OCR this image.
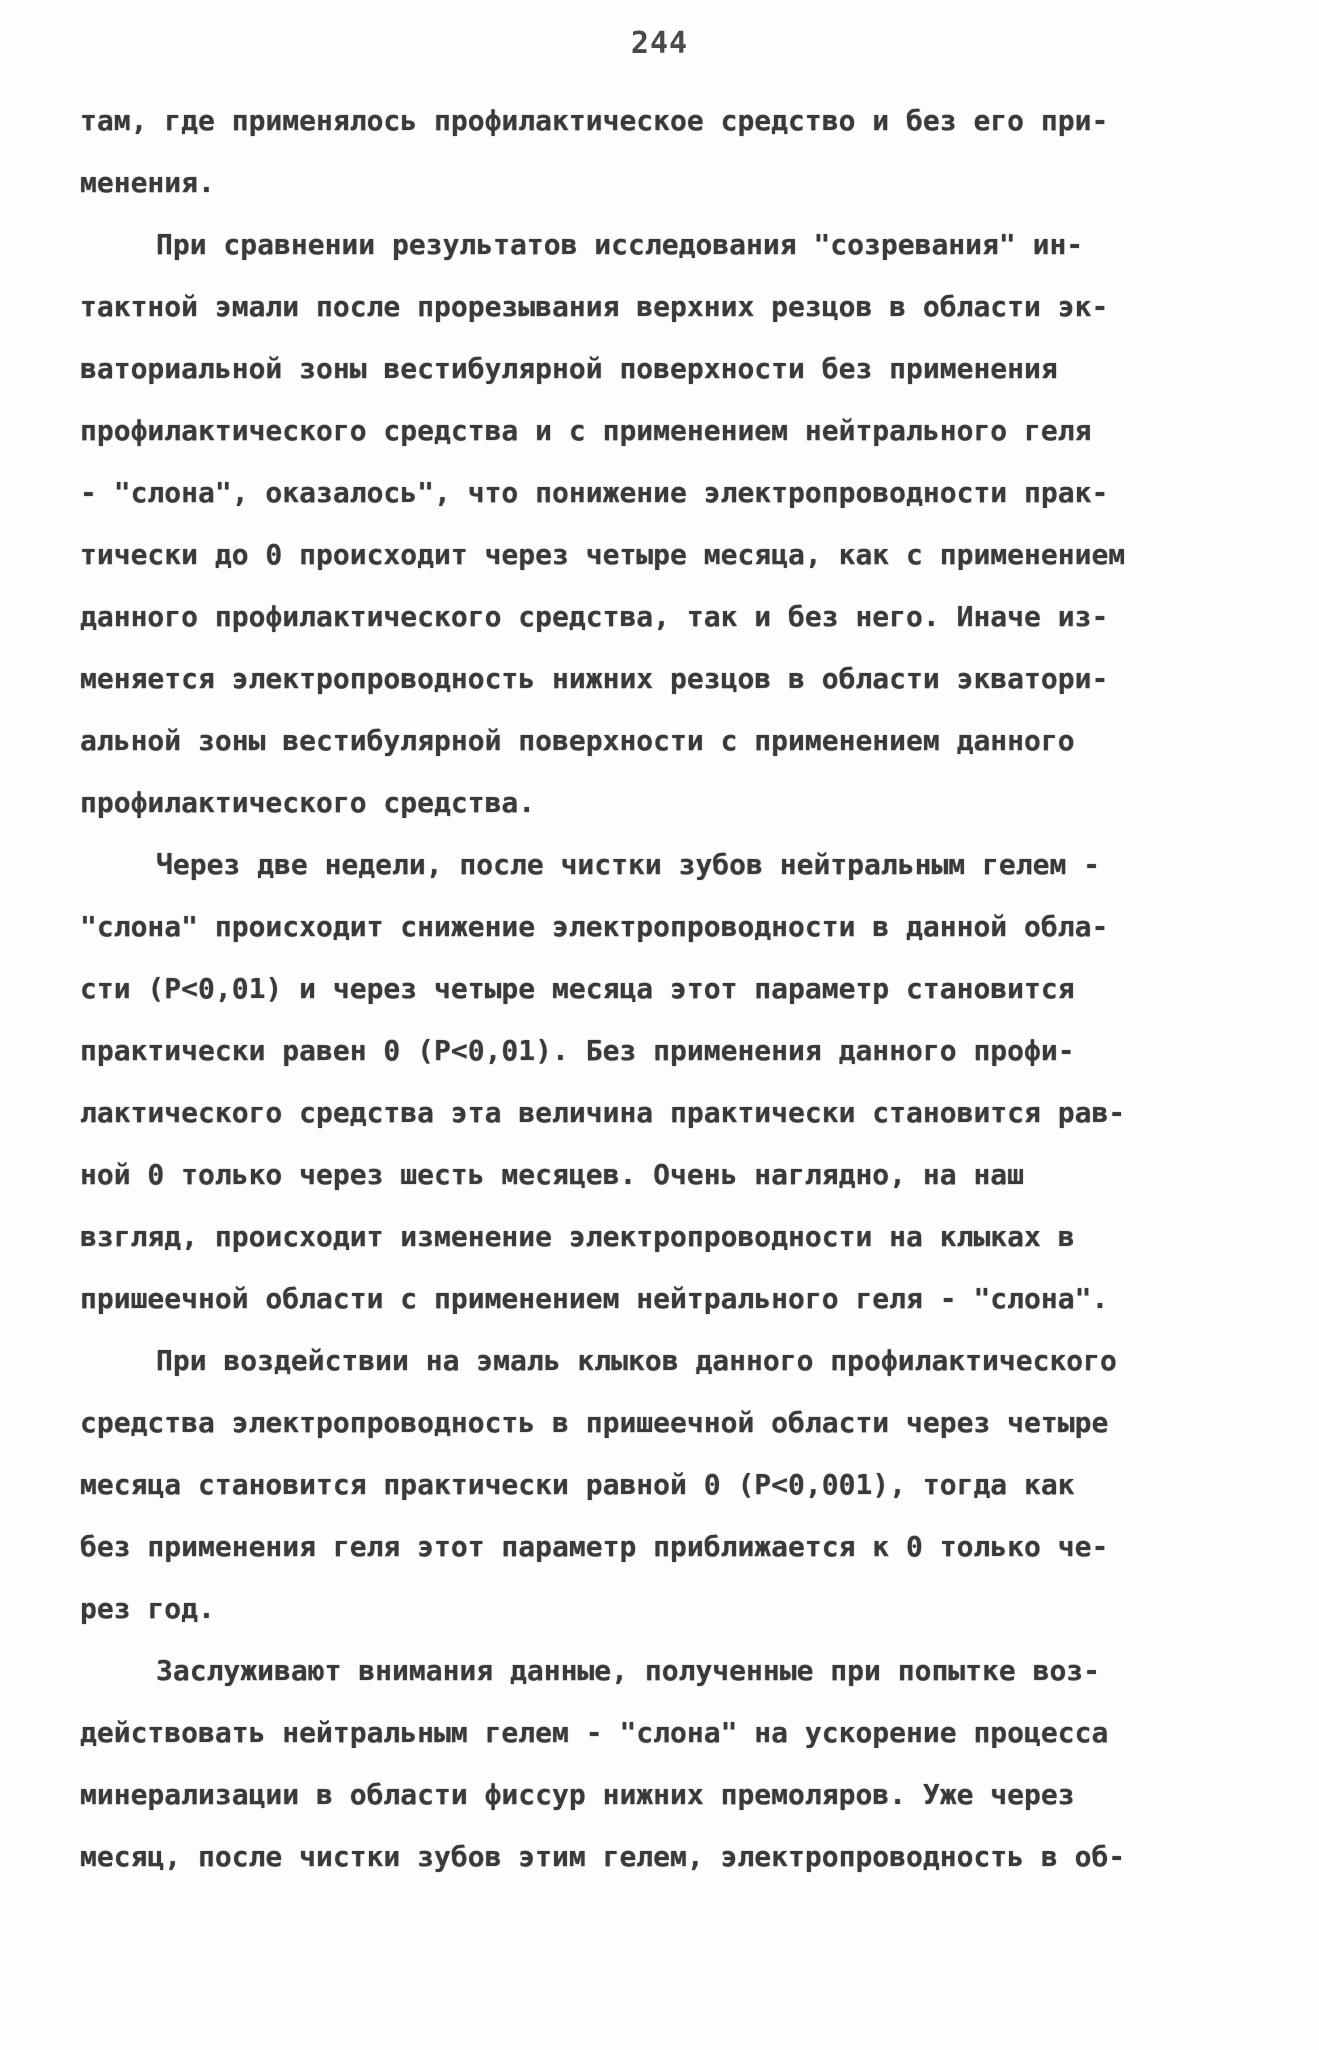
244
там, где применялось профилактическое средство и без его при-
менения.
При сравнении результатов исследования "созревания" ин-
тактной эмали после прорезывания верхних резцов в области эк-
ваториальной зоны вестибулярной поверхности без применения
профилактического средства и с применением нейтрального геля
- "слона", оказалось", что понижение электропроводности прак-
тически до 0 происходит через четыре месяца, как с применением
данного профилактического средства, так и без него. Иначе из-
меняется электропроводность нижних резцов в области экватори-
альной зоны вестибулярной поверхности с применением данного
профилактического средства.
Через две недели, после чистки зубов нейтральным гелем -
"слона" происходит снижение электропроводности в данной обла-
сти (P<0,01) и через четыре месяца этот параметр становится
практически равен 0 (P<0,01). Без применения данного профи-
лактического средства эта величина практически становится рав-
ной 0 только через шесть месяцев. Очень наглядно, на наш
взгляд, происходит изменение электропроводности на клыках в
пришеечной области с применением нейтрального геля - "слона".
При воздействии на эмаль клыков данного профилактического
средства электропроводность в пришеечной области через четыре
месяца становится практически равной 0 (P<0,001), тогда как
без применения геля этот параметр приближается к 0 только че-
рез год.
Заслуживают внимания данные, полученные при попытке воз-
действовать нейтральным гелем - "слона" на ускорение процесса
минерализации в области фиссур нижних премоляров. Уже через
месяц, после чистки зубов этим гелем, электропроводность в об-
